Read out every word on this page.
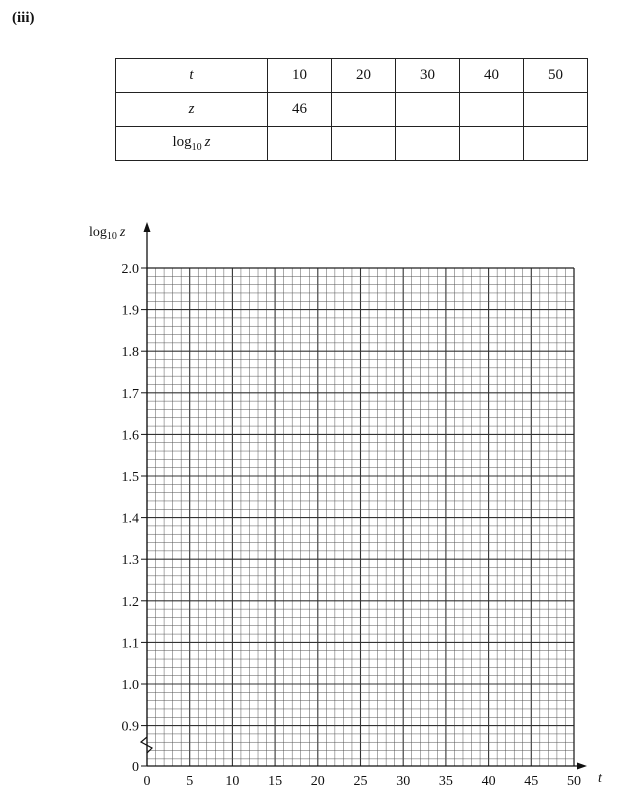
(iii)
t	10	20	30	40	50
z	46				
$\log_{10} z$					
0	5 10 15 20 25 30 35 40 45 50
0
0.9
1.0
1.1
1.2
1.3
1.4
1.5
1.6
1.7
1.8
1.9
2.0
$\log_{10} z$
t
